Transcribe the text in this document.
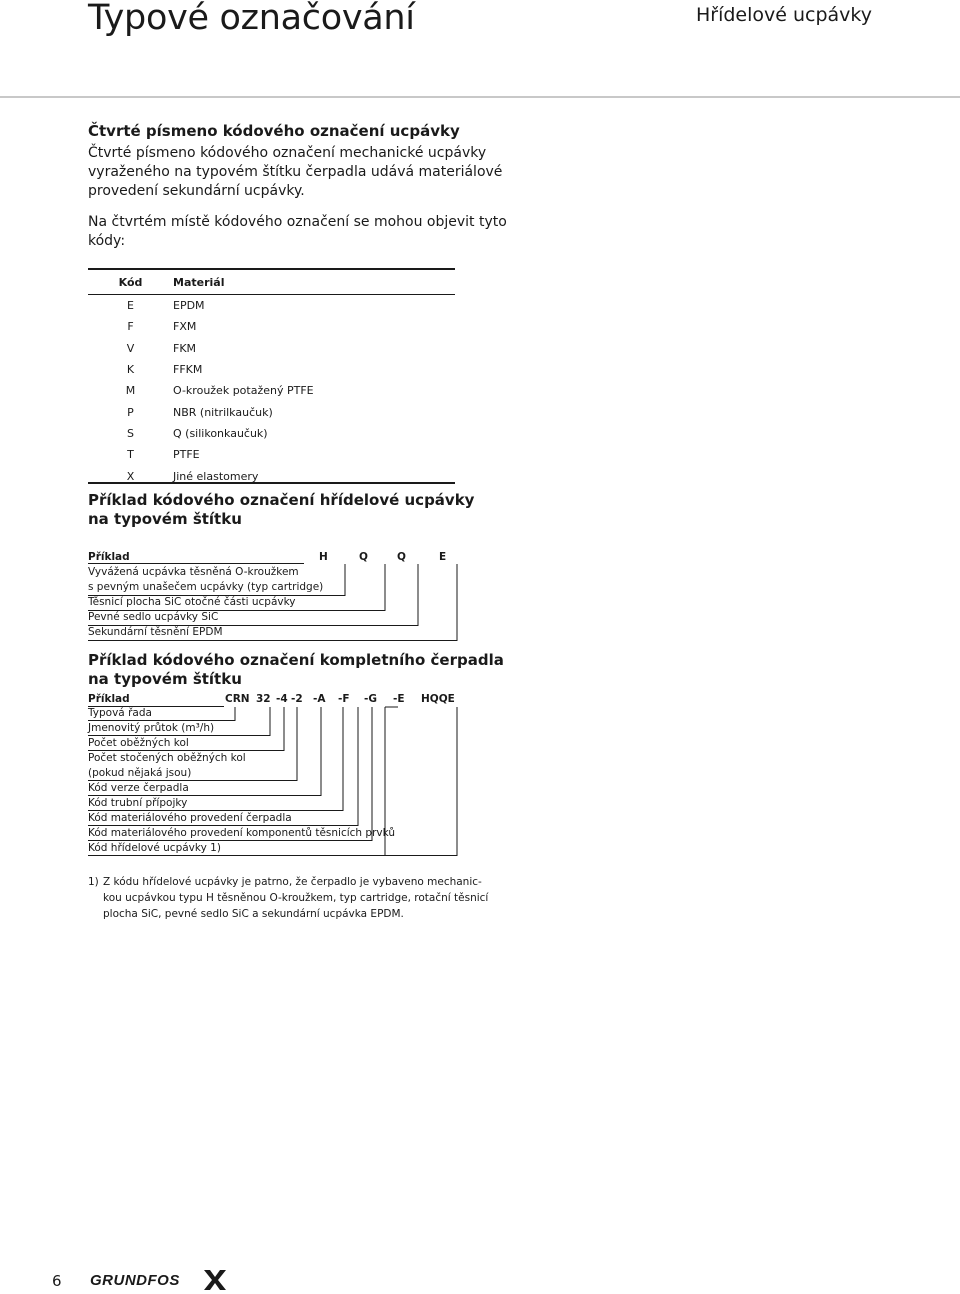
Typové označování	Hřídelové ucpávky
Čtvrté písmeno kódového označení ucpávky
Čtvrté písmeno kódového označení mechanické ucpávky
vyraženého na typovém štítku čerpadla udává materiálové
provedení sekundární ucpávky.
Na čtvrtém místě kódového označení se mohou objevit tyto
kódy:
Kód	Materiál
E	EPDM
F	FXM
V	FKM
K	FFKM
M	O-kroužek potažený PTFE
P	NBR (nitrilkaučuk)
S	Q (silikonkaučuk)
T	PTFE
X	Jiné elastomery
Příklad kódového označení hřídelové ucpávky
na typovém štítku
Příklad	H	Q	Q	E
Vyvážená ucpávka těsněná O-kroužkem
s pevným unašečem ucpávky (typ cartridge)
Těsnicí plocha SiC otočné části ucpávky
Pevné sedlo ucpávky SiC
Sekundární těsnění EPDM
Příklad kódového označení kompletního čerpadla
na typovém štítku
Příklad	CRN 32 -4 -2 -A -F -G -E HQQE
Typová řada
Jmenovitý průtok (m³/h)
Počet oběžných kol
Počet stočených oběžných kol
(pokud nějaká jsou)
Kód verze čerpadla
Kód trubní přípojky
Kód materiálového provedení čerpadla
Kód materiálového provedení komponentů těsnicích prvků
Kód hřídelové ucpávky 1)
1) Z kódu hřídelové ucpávky je patrno, že čerpadlo je vybaveno mechanic-
kou ucpávkou typu H těsněnou O-kroužkem, typ cartridge, rotační těsnicí
plocha SiC, pevné sedlo SiC a sekundární ucpávka EPDM.
6 GRUNDFOS
